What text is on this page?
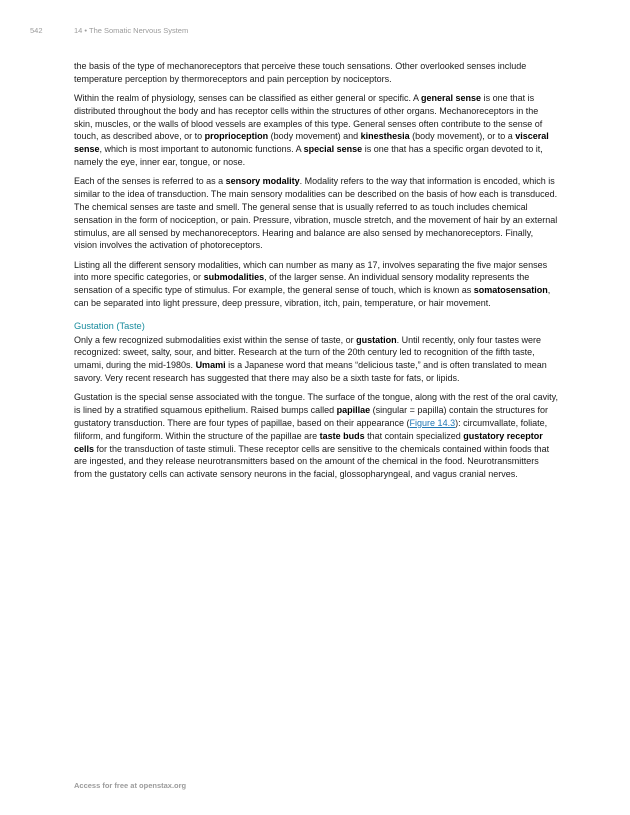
542	14 • The Somatic Nervous System

the basis of the type of mechanoreceptors that perceive these touch sensations. Other overlooked senses include temperature perception by thermoreceptors and pain perception by nociceptors.

Within the realm of physiology, senses can be classified as either general or specific. A general sense is one that is distributed throughout the body and has receptor cells within the structures of other organs. Mechanoreceptors in the skin, muscles, or the walls of blood vessels are examples of this type. General senses often contribute to the sense of touch, as described above, or to proprioception (body movement) and kinesthesia (body movement), or to a visceral sense, which is most important to autonomic functions. A special sense is one that has a specific organ devoted to it, namely the eye, inner ear, tongue, or nose.

Each of the senses is referred to as a sensory modality. Modality refers to the way that information is encoded, which is similar to the idea of transduction. The main sensory modalities can be described on the basis of how each is transduced. The chemical senses are taste and smell. The general sense that is usually referred to as touch includes chemical sensation in the form of nociception, or pain. Pressure, vibration, muscle stretch, and the movement of hair by an external stimulus, are all sensed by mechanoreceptors. Hearing and balance are also sensed by mechanoreceptors. Finally, vision involves the activation of photoreceptors.

Listing all the different sensory modalities, which can number as many as 17, involves separating the five major senses into more specific categories, or submodalities, of the larger sense. An individual sensory modality represents the sensation of a specific type of stimulus. For example, the general sense of touch, which is known as somatosensation, can be separated into light pressure, deep pressure, vibration, itch, pain, temperature, or hair movement.

Gustation (Taste)

Only a few recognized submodalities exist within the sense of taste, or gustation. Until recently, only four tastes were recognized: sweet, salty, sour, and bitter. Research at the turn of the 20th century led to recognition of the fifth taste, umami, during the mid-1980s. Umami is a Japanese word that means “delicious taste,” and is often translated to mean savory. Very recent research has suggested that there may also be a sixth taste for fats, or lipids.

Gustation is the special sense associated with the tongue. The surface of the tongue, along with the rest of the oral cavity, is lined by a stratified squamous epithelium. Raised bumps called papillae (singular = papilla) contain the structures for gustatory transduction. There are four types of papillae, based on their appearance (Figure 14.3): circumvallate, foliate, filiform, and fungiform. Within the structure of the papillae are taste buds that contain specialized gustatory receptor cells for the transduction of taste stimuli. These receptor cells are sensitive to the chemicals contained within foods that are ingested, and they release neurotransmitters based on the amount of the chemical in the food. Neurotransmitters from the gustatory cells can activate sensory neurons in the facial, glossopharyngeal, and vagus cranial nerves.

Access for free at openstax.org
